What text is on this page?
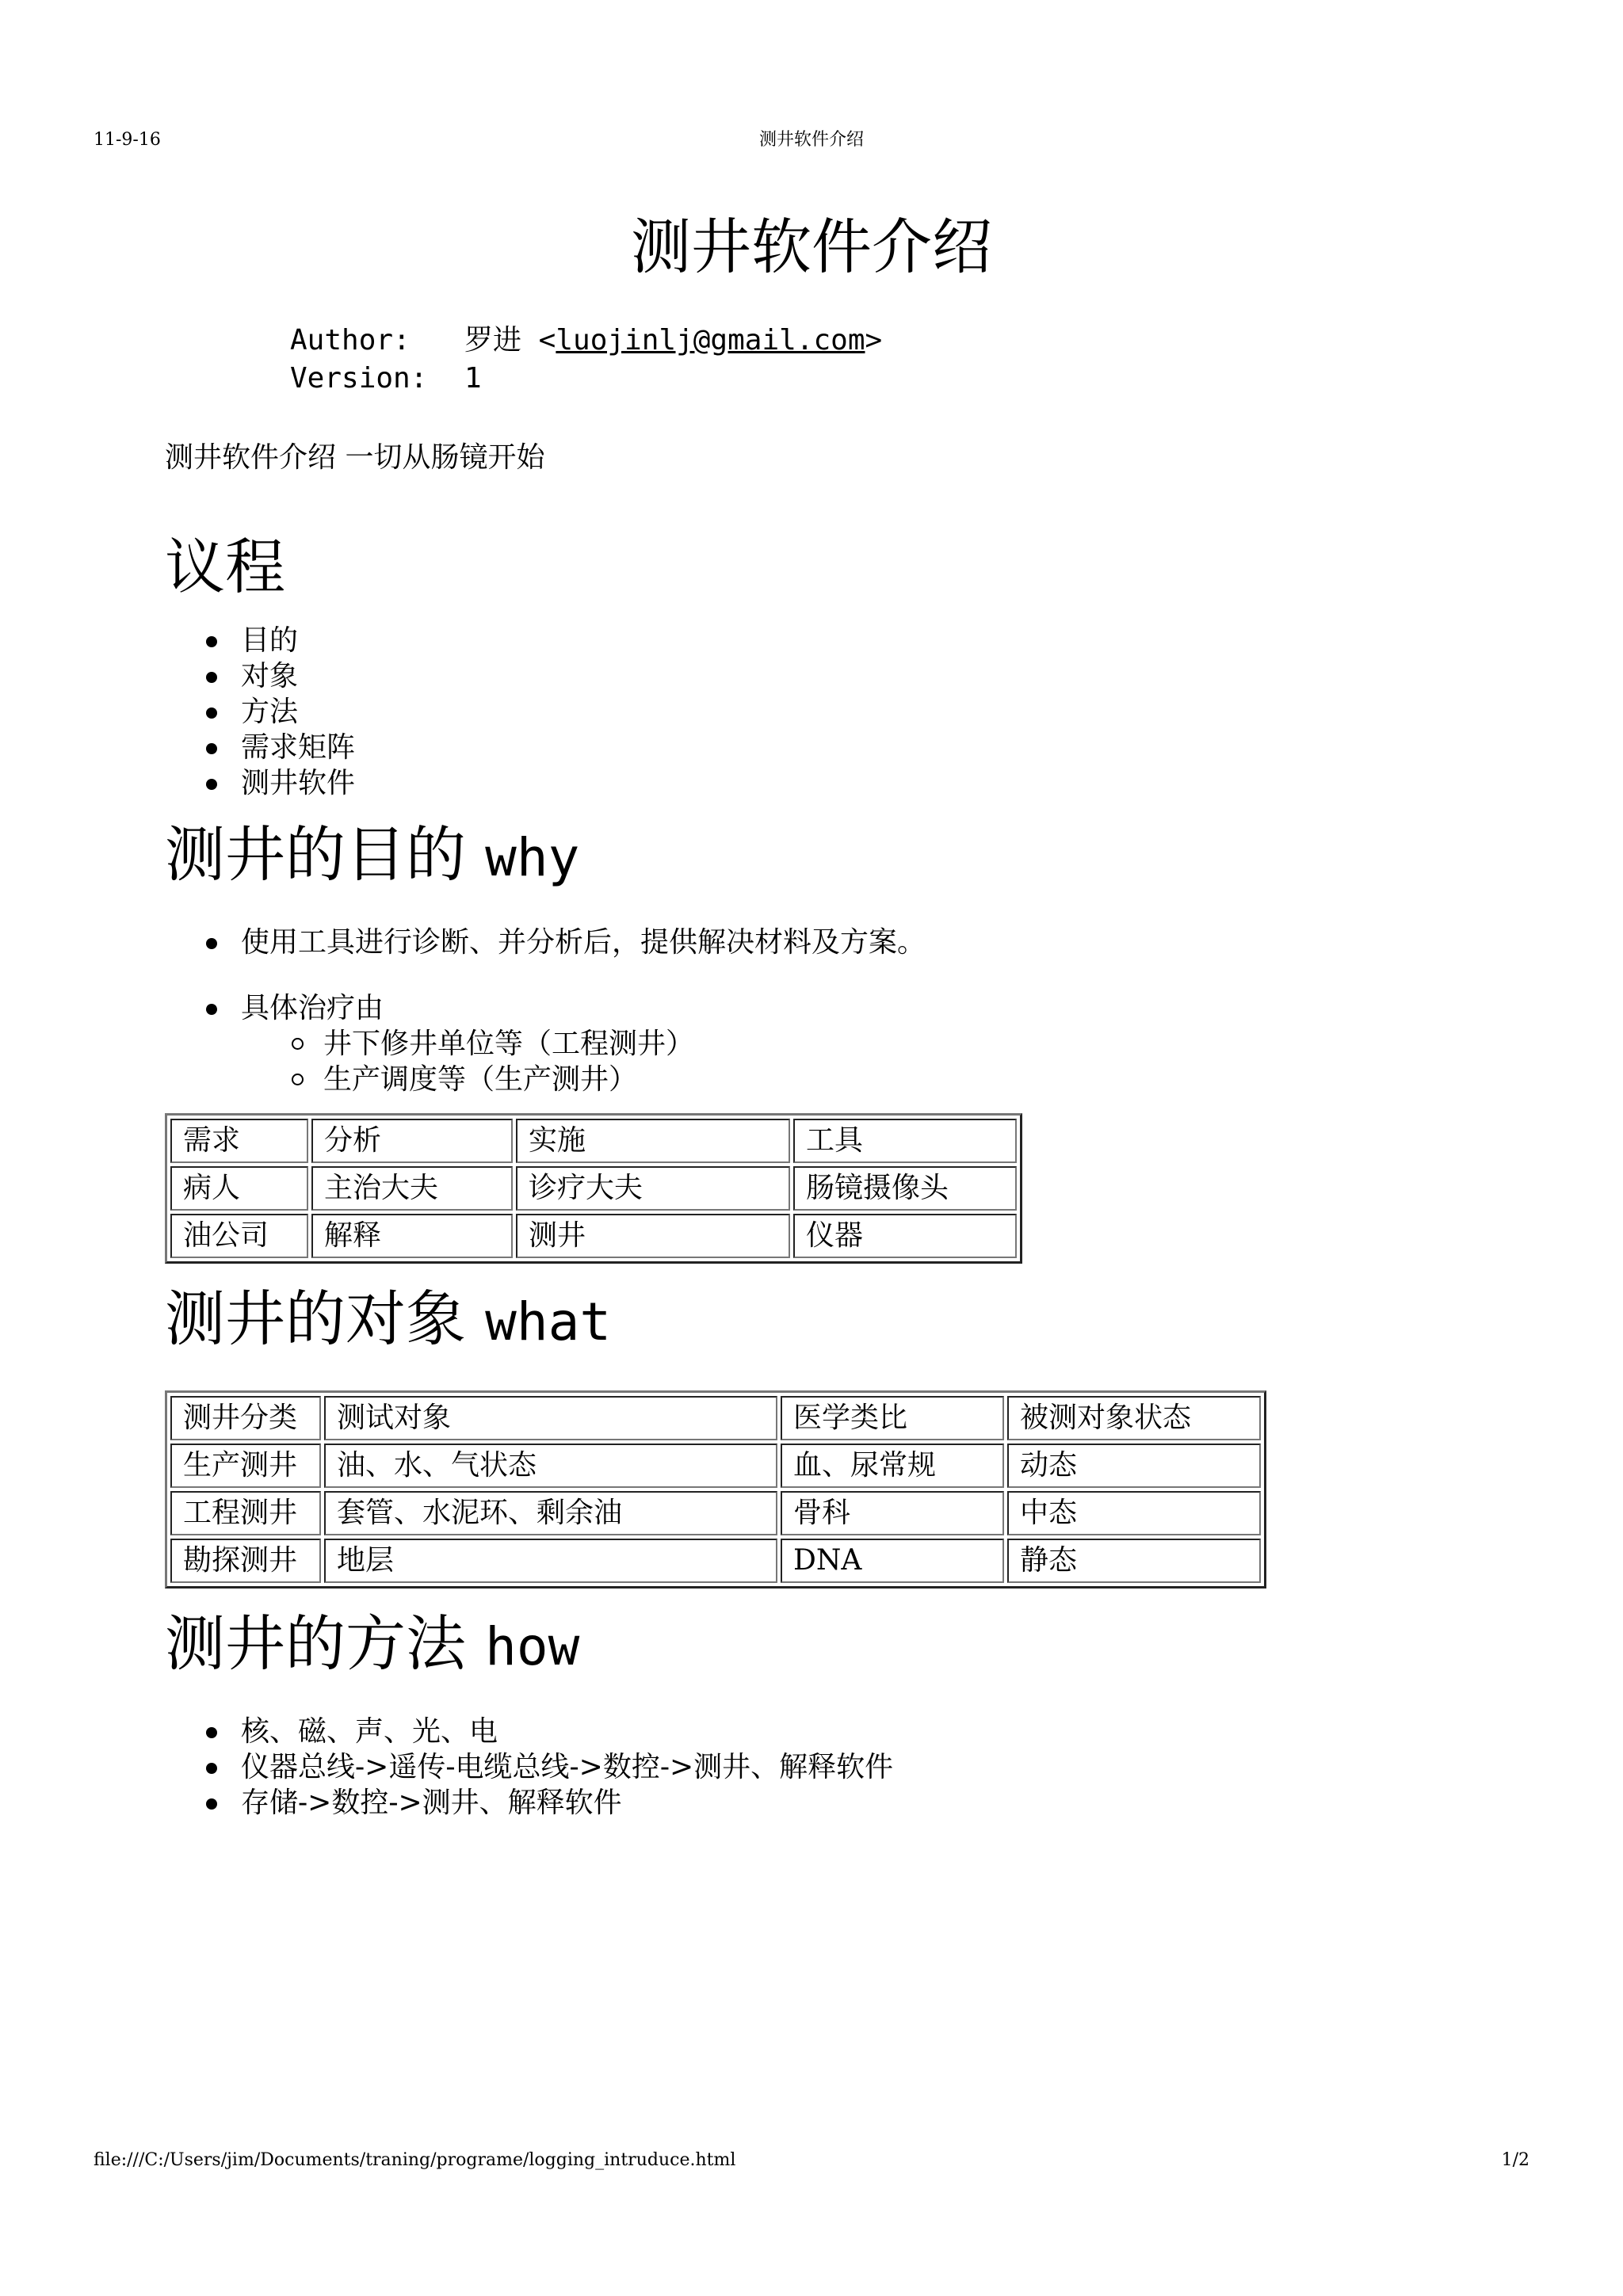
11-9-16	测井软件介绍
测井软件介绍
Author:	罗进 <luojinlj@gmail.com>
Version:	1

测井软件介绍 一切从肠镜开始

议程
目的
对象
方法
需求矩阵
测井软件
测井的目的 why
使用工具进行诊断、并分析后，提供解决材料及方案。
具体治疗由
井下修井单位等（工程测井）
生产调度等（生产测井）
需求	分析	实施	工具
病人	主治大夫	诊疗大夫	肠镜摄像头
油公司	解释	测井	仪器
测井的对象 what
测井分类	测试对象	医学类比	被测对象状态
生产测井	油、水、气状态	血、尿常规	动态
工程测井	套管、水泥环、剩余油	骨科	中态
勘探测井	地层	DNA	静态
测井的方法 how
核、磁、声、光、电
仪器总线->遥传-电缆总线->数控->测井、解释软件
存储->数控->测井、解释软件
file:///C:/Users/jim/Documents/traning/programe/logging_intruduce.html	1/2
